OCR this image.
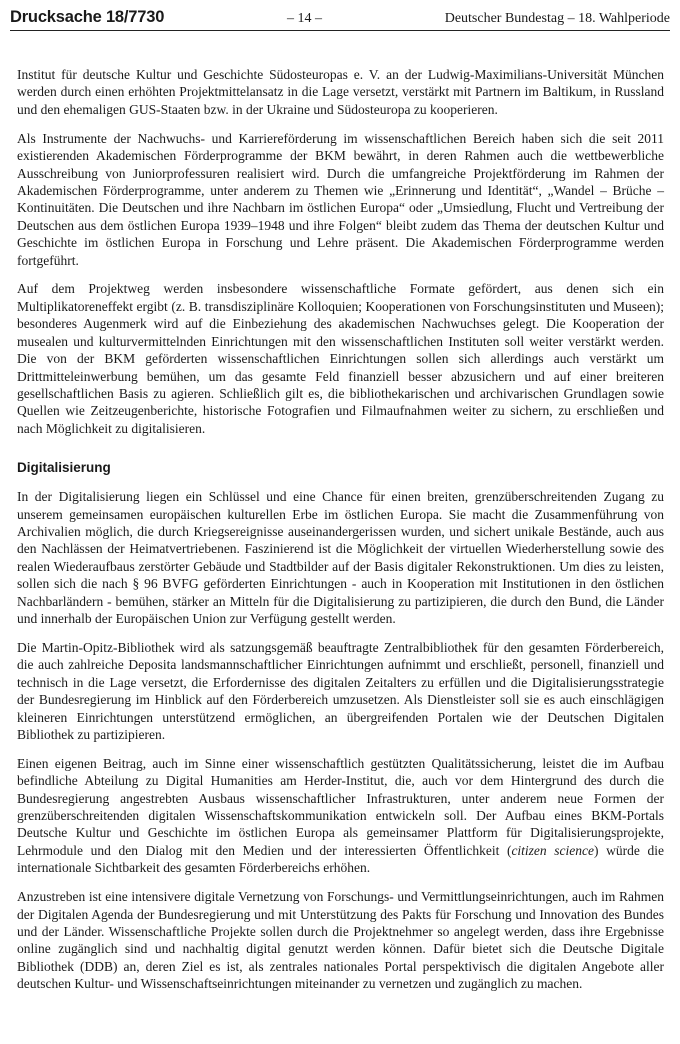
Drucksache 18/7730	– 14 –	Deutscher Bundestag – 18. Wahlperiode

Institut für deutsche Kultur und Geschichte Südosteuropas e. V. an der Ludwig-Maximilians-Universität München werden durch einen erhöhten Projektmittelansatz in die Lage versetzt, verstärkt mit Partnern im Baltikum, in Russland und den ehemaligen GUS-Staaten bzw. in der Ukraine und Südosteuropa zu kooperieren.

Als Instrumente der Nachwuchs- und Karriereförderung im wissenschaftlichen Bereich haben sich die seit 2011 existierenden Akademischen Förderprogramme der BKM bewährt, in deren Rahmen auch die wettbewerbliche Ausschreibung von Juniorprofessuren realisiert wird. Durch die umfangreiche Projektförderung im Rahmen der Akademischen Förderprogramme, unter anderem zu Themen wie „Erinnerung und Identität“, „Wandel – Brüche – Kontinuitäten. Die Deutschen und ihre Nachbarn im östlichen Europa“ oder „Umsiedlung, Flucht und Vertreibung der Deutschen aus dem östlichen Europa 1939–1948 und ihre Folgen“ bleibt zudem das Thema der deutschen Kultur und Geschichte im östlichen Europa in Forschung und Lehre präsent. Die Akademischen Förderprogramme werden fortgeführt.

Auf dem Projektweg werden insbesondere wissenschaftliche Formate gefördert, aus denen sich ein Multiplikatoreneffekt ergibt (z. B. transdisziplinäre Kolloquien; Kooperationen von Forschungsinstituten und Museen); besonderes Augenmerk wird auf die Einbeziehung des akademischen Nachwuchses gelegt. Die Kooperation der musealen und kulturvermittelnden Einrichtungen mit den wissenschaftlichen Instituten soll weiter verstärkt werden. Die von der BKM geförderten wissenschaftlichen Einrichtungen sollen sich allerdings auch verstärkt um Drittmitteleinwerbung bemühen, um das gesamte Feld finanziell besser abzusichern und auf einer breiteren gesellschaftlichen Basis zu agieren. Schließlich gilt es, die bibliothekarischen und archivarischen Grundlagen sowie Quellen wie Zeitzeugenberichte, historische Fotografien und Filmaufnahmen weiter zu sichern, zu erschließen und nach Möglichkeit zu digitalisieren.

Digitalisierung

In der Digitalisierung liegen ein Schlüssel und eine Chance für einen breiten, grenzüberschreitenden Zugang zu unserem gemeinsamen europäischen kulturellen Erbe im östlichen Europa. Sie macht die Zusammenführung von Archivalien möglich, die durch Kriegsereignisse auseinandergerissen wurden, und sichert unikale Bestände, auch aus den Nachlässen der Heimatvertriebenen. Faszinierend ist die Möglichkeit der virtuellen Wiederherstellung sowie des realen Wiederaufbaus zerstörter Gebäude und Stadtbilder auf der Basis digitaler Rekonstruktionen. Um dies zu leisten, sollen sich die nach § 96 BVFG geförderten Einrichtungen - auch in Kooperation mit Institutionen in den östlichen Nachbarländern - bemühen, stärker an Mitteln für die Digitalisierung zu partizipieren, die durch den Bund, die Länder und innerhalb der Europäischen Union zur Verfügung gestellt werden.

Die Martin-Opitz-Bibliothek wird als satzungsgemäß beauftragte Zentralbibliothek für den gesamten Förderbereich, die auch zahlreiche Deposita landsmannschaftlicher Einrichtungen aufnimmt und erschließt, personell, finanziell und technisch in die Lage versetzt, die Erfordernisse des digitalen Zeitalters zu erfüllen und die Digitalisierungsstrategie der Bundesregierung im Hinblick auf den Förderbereich umzusetzen. Als Dienstleister soll sie es auch einschlägigen kleineren Einrichtungen unterstützend ermöglichen, an übergreifenden Portalen wie der Deutschen Digitalen Bibliothek zu partizipieren.

Einen eigenen Beitrag, auch im Sinne einer wissenschaftlich gestützten Qualitätssicherung, leistet die im Aufbau befindliche Abteilung zu Digital Humanities am Herder-Institut, die, auch vor dem Hintergrund des durch die Bundesregierung angestrebten Ausbaus wissenschaftlicher Infrastrukturen, unter anderem neue Formen der grenzüberschreitenden digitalen Wissenschaftskommunikation entwickeln soll. Der Aufbau eines BKM-Portals Deutsche Kultur und Geschichte im östlichen Europa als gemeinsamer Plattform für Digitalisierungsprojekte, Lehrmodule und den Dialog mit den Medien und der interessierten Öffentlichkeit (citizen science) würde die internationale Sichtbarkeit des gesamten Förderbereichs erhöhen.

Anzustreben ist eine intensivere digitale Vernetzung von Forschungs- und Vermittlungseinrichtungen, auch im Rahmen der Digitalen Agenda der Bundesregierung und mit Unterstützung des Pakts für Forschung und Innovation des Bundes und der Länder. Wissenschaftliche Projekte sollen durch die Projektnehmer so angelegt werden, dass ihre Ergebnisse online zugänglich sind und nachhaltig digital genutzt werden können. Dafür bietet sich die Deutsche Digitale Bibliothek (DDB) an, deren Ziel es ist, als zentrales nationales Portal perspektivisch die digitalen Angebote aller deutschen Kultur- und Wissenschaftseinrichtungen miteinander zu vernetzen und zugänglich zu machen.
